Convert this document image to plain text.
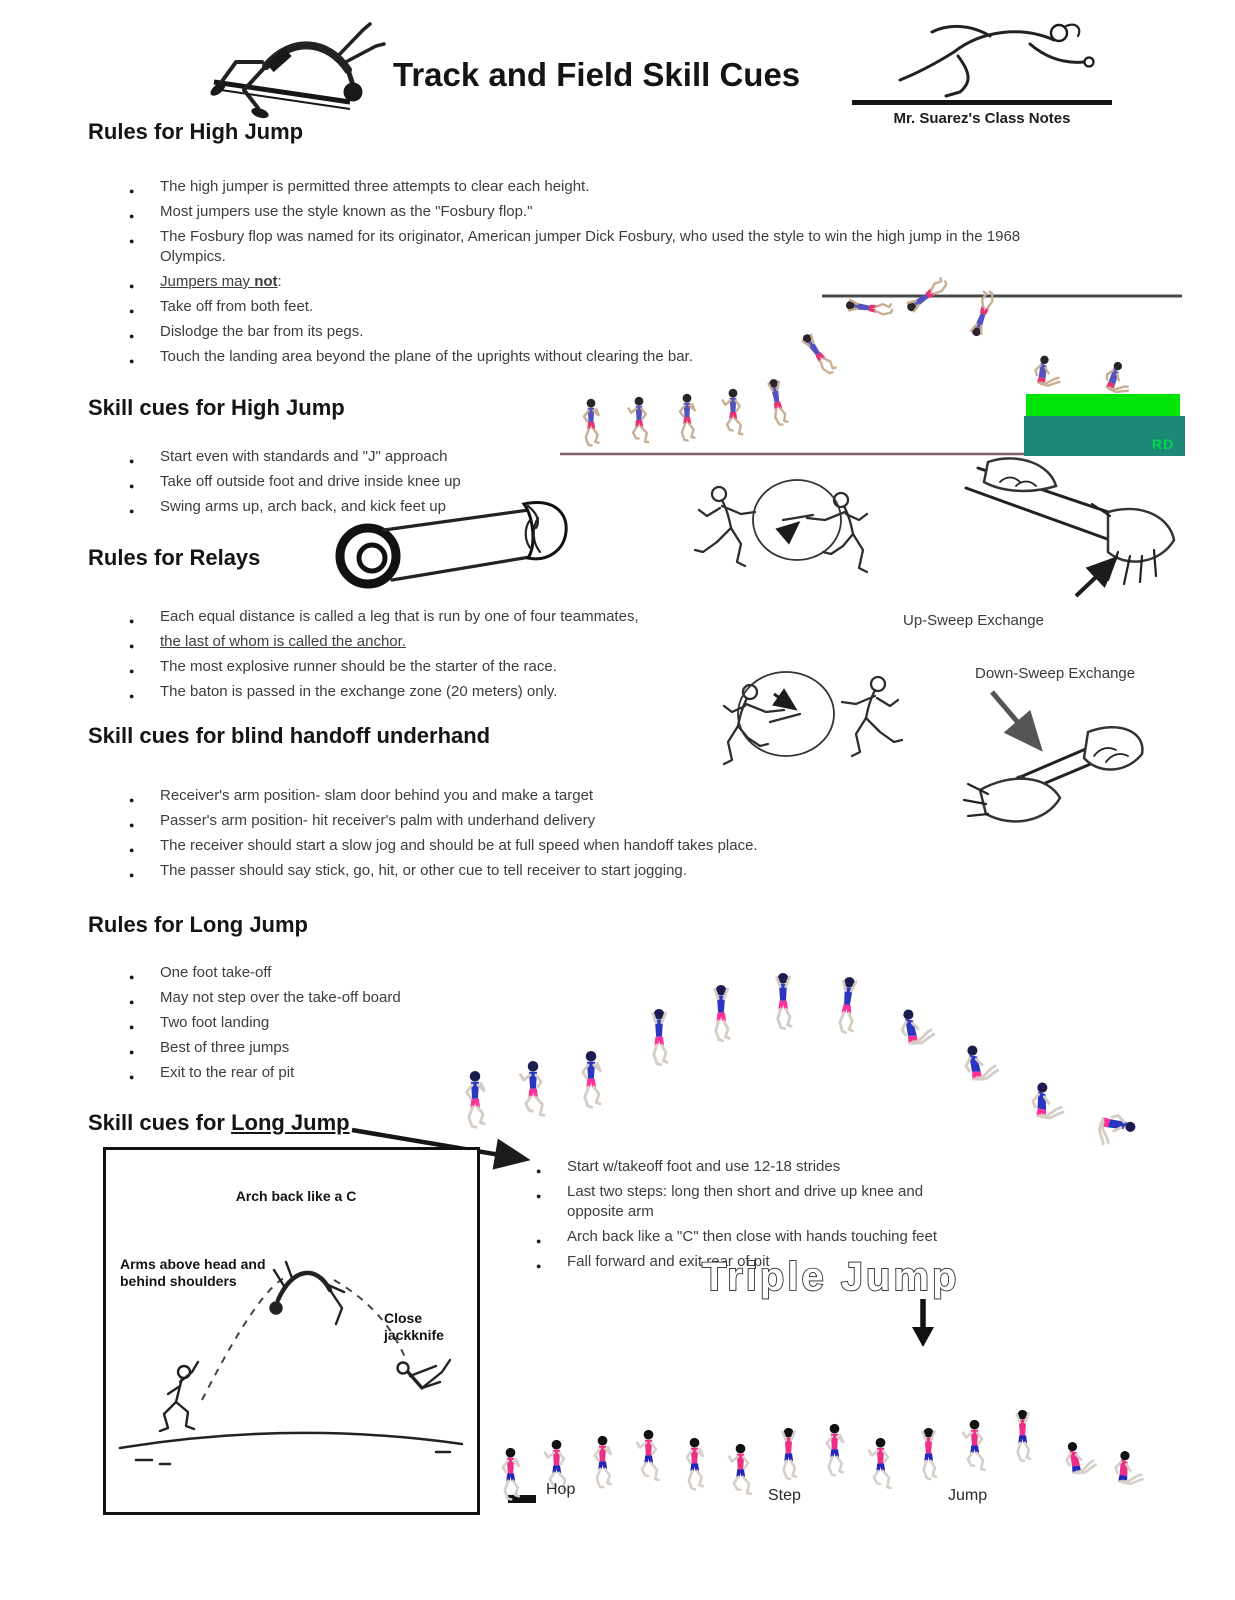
Track and Field Skill Cues
Mr. Suarez's Class Notes
Rules for High Jump
● The high jumper is permitted three attempts to clear each height.
● Most jumpers use the style known as the "Fosbury flop."
● The Fosbury flop was named for its originator, American jumper Dick Fosbury, who used the style to win the high jump in the 1968 Olympics.
● Jumpers may not:
● Take off from both feet.
● Dislodge the bar from its pegs.
● Touch the landing area beyond the plane of the uprights without clearing the bar.
RD
Skill cues for High Jump
● Start even with standards and "J" approach
● Take off outside foot and drive inside knee up
● Swing arms up, arch back, and kick feet up
Up-Sweep Exchange
Rules for Relays
● Each equal distance is called a leg that is run by one of four teammates,
● the last of whom is called the anchor.
● The most explosive runner should be the starter of the race.
● The baton is passed in the exchange zone (20 meters) only.
Down-Sweep Exchange
Skill cues for blind handoff underhand
● Receiver's arm position- slam door behind you and make a target
● Passer's arm position- hit receiver's palm with underhand delivery
● The receiver should start a slow jog and should be at full speed when handoff takes place.
● The passer should say stick, go, hit, or other cue to tell receiver to start jogging.
Rules for Long Jump
● One foot take-off
● May not step over the take-off board
● Two foot landing
● Best of three jumps
● Exit to the rear of pit
Skill cues for Long Jump
● Start w/takeoff foot and use 12-18 strides
● Last two steps: long then short and drive up knee and opposite arm
● Arch back like a "C" then close with hands touching feet
● Fall forward and exit rear of pit
Arch back like a C
Arms above head and behind shoulders
Close jackknife
Triple Jump
Hop	Step	Jump
